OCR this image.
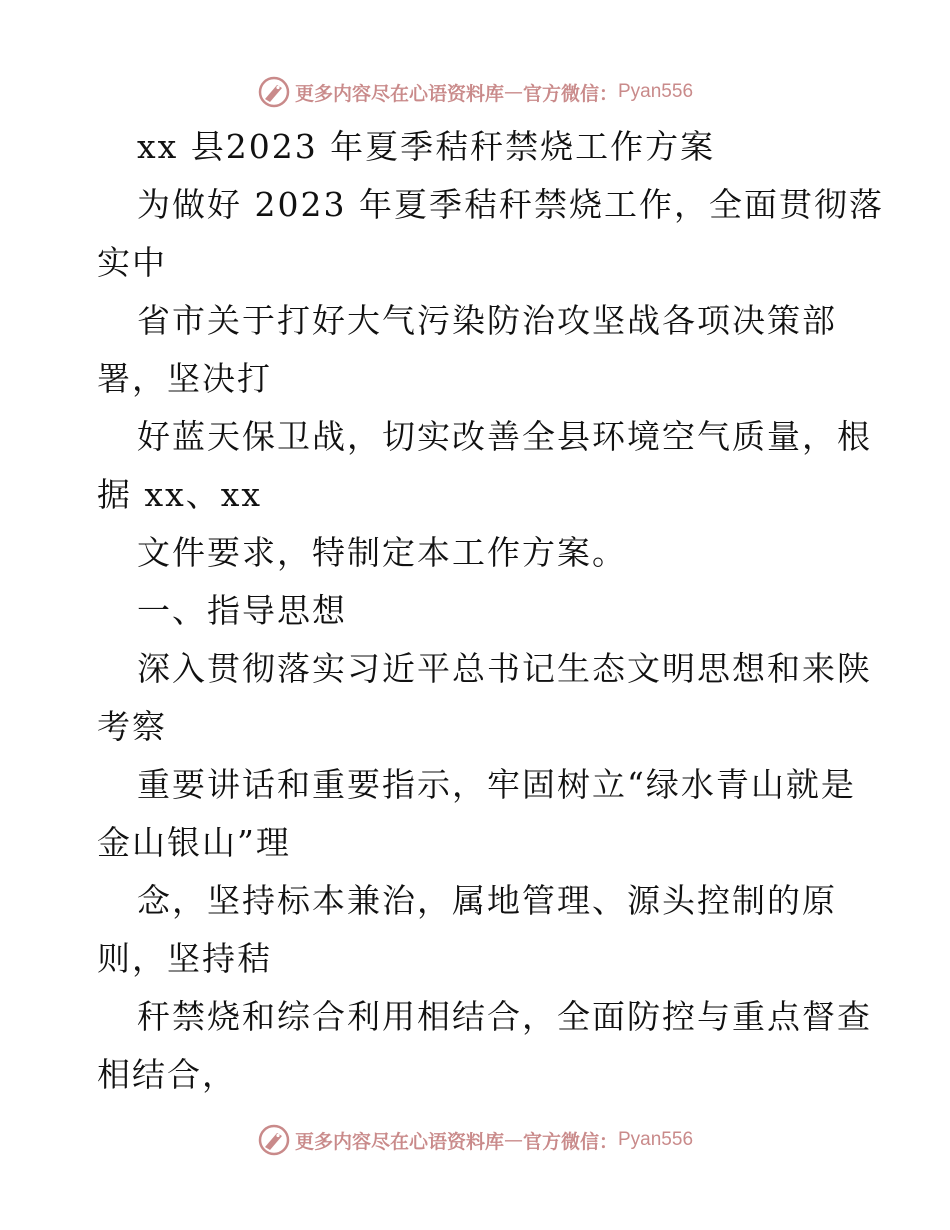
更多内容尽在心语资料库 — 官方微信： Pyan556
xx 县2023 年夏季秸秆禁烧工作方案
为做好 2023 年夏季秸秆禁烧工作，全面贯彻落
实中
省市关于打好大气污染防治攻坚战各项决策部
署，坚决打
好蓝天保卫战，切实改善全县环境空气质量，根
据 xx、xx
文件要求，特制定本工作方案。
一、指导思想
深入贯彻落实习近平总书记生态文明思想和来陕
考察
重要讲话和重要指示，牢固树立“绿水青山就是
金山银山”理
念，坚持标本兼治，属地管理、源头控制的原
则，坚持秸
秆禁烧和综合利用相结合，全面防控与重点督查
相结合，
更多内容尽在心语资料库 — 官方微信： Pyan556
